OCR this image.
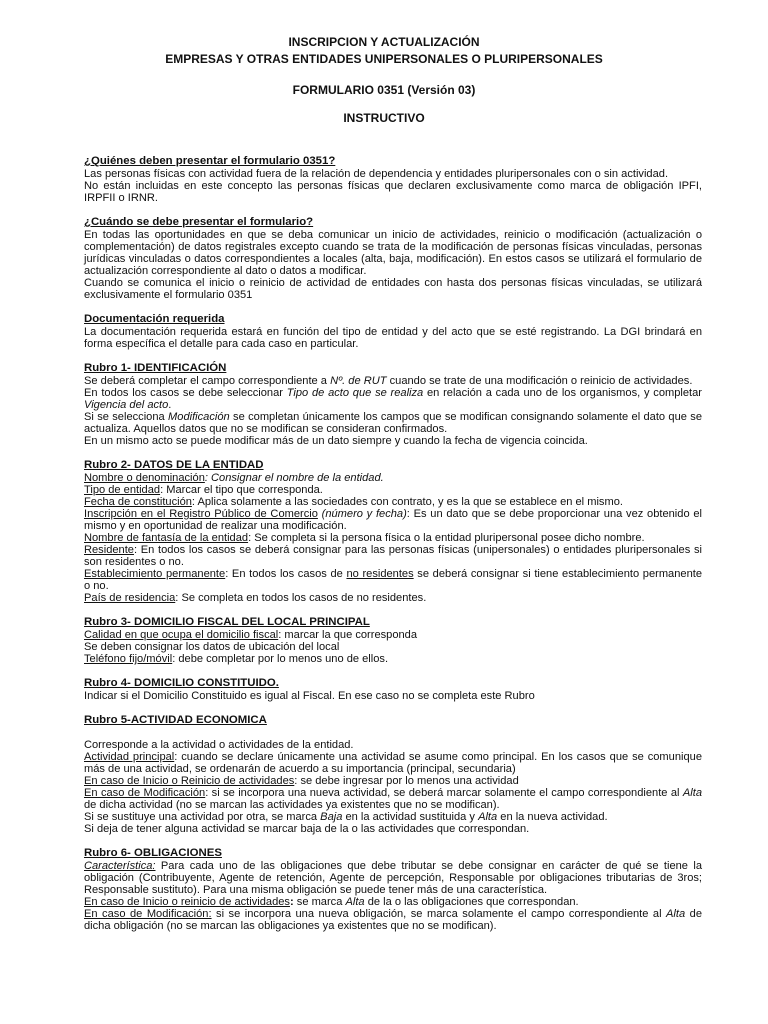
INSCRIPCION Y ACTUALIZACIÓN
EMPRESAS Y OTRAS ENTIDADES UNIPERSONALES O PLURIPERSONALES
FORMULARIO 0351 (Versión 03)
INSTRUCTIVO
¿Quiénes deben presentar el formulario 0351?

Las personas físicas con actividad fuera de la relación de dependencia y entidades pluripersonales con o sin actividad.

No están incluidas en este concepto las personas físicas que declaren exclusivamente como marca de obligación IPFI, IRPFII o IRNR.

¿Cuándo se debe presentar el formulario?

En todas las oportunidades en que se deba comunicar un inicio de actividades, reinicio o modificación (actualización o complementación) de datos registrales excepto cuando se trata de la modificación de personas físicas vinculadas, personas jurídicas vinculadas o datos correspondientes a locales (alta, baja, modificación). En estos casos se utilizará el formulario de actualización correspondiente al dato o datos a modificar.

Cuando se comunica el inicio o reinicio de actividad de entidades con hasta dos personas físicas vinculadas, se utilizará exclusivamente el formulario 0351

Documentación requerida

La documentación requerida estará en función del tipo de entidad y del acto que se esté registrando. La DGI brindará en forma específica el detalle para cada caso en particular.

Rubro 1- IDENTIFICACIÓN

Se deberá completar el campo correspondiente a Nº. de RUT cuando se trate de una modificación o reinicio de actividades.

En todos los casos se debe seleccionar Tipo de acto que se realiza en relación a cada uno de los organismos, y completar Vigencia del acto.

Si se selecciona Modificación se completan únicamente los campos que se modifican consignando solamente el dato que se actualiza. Aquellos datos que no se modifican se consideran confirmados.

En un mismo acto se puede modificar más de un dato siempre y cuando la fecha de vigencia coincida.

Rubro 2- DATOS DE LA ENTIDAD

Nombre o denominación: Consignar el nombre de la entidad.

Tipo de entidad: Marcar el tipo que corresponda.

Fecha de constitución: Aplica solamente a las sociedades con contrato, y es la que se establece en el mismo.

Inscripción en el Registro Público de Comercio (número y fecha): Es un dato que se debe proporcionar una vez obtenido el mismo y en oportunidad de realizar una modificación.

Nombre de fantasía de la entidad: Se completa si la persona física o la entidad pluripersonal posee dicho nombre.

Residente: En todos los casos se deberá consignar para las personas físicas (unipersonales) o entidades pluripersonales si son residentes o no.

Establecimiento permanente: En todos los casos de no residentes se deberá consignar si tiene establecimiento permanente o no.

País de residencia: Se completa en todos los casos de no residentes.

Rubro 3- DOMICILIO FISCAL DEL LOCAL PRINCIPAL

Calidad en que ocupa el domicilio fiscal: marcar la que corresponda

Se deben consignar los datos de ubicación del local

Teléfono fijo/móvil: debe completar por lo menos uno de ellos.

Rubro 4- DOMICILIO CONSTITUIDO.

Indicar si el Domicilio Constituido es igual al Fiscal. En ese caso no se completa este Rubro

Rubro 5-ACTIVIDAD ECONOMICA

Corresponde a la actividad o actividades de la entidad.

Actividad principal: cuando se declare únicamente una actividad se asume como principal. En los casos que se comunique más de una actividad, se ordenarán de acuerdo a su importancia (principal, secundaria)

En caso de Inicio o Reinicio de actividades: se debe ingresar por lo menos una actividad

En caso de Modificación: si se incorpora una nueva actividad, se deberá marcar solamente el campo correspondiente al Alta de dicha actividad (no se marcan las actividades ya existentes que no se modifican).

Si se sustituye una actividad por otra, se marca Baja en la actividad sustituida y Alta en la nueva actividad.

Si deja de tener alguna actividad se marcar baja de la o las actividades que correspondan.

Rubro 6- OBLIGACIONES

Característica: Para cada uno de las obligaciones que debe tributar se debe consignar en carácter de qué se tiene la obligación (Contribuyente, Agente de retención, Agente de percepción, Responsable por obligaciones tributarias de 3ros; Responsable sustituto). Para una misma obligación se puede tener más de una característica.

En caso de Inicio o reinicio de actividades: se marca Alta de la o las obligaciones que correspondan.

En caso de Modificación: si se incorpora una nueva obligación, se marca solamente el campo correspondiente al Alta de dicha obligación (no se marcan las obligaciones ya existentes que no se modifican).
